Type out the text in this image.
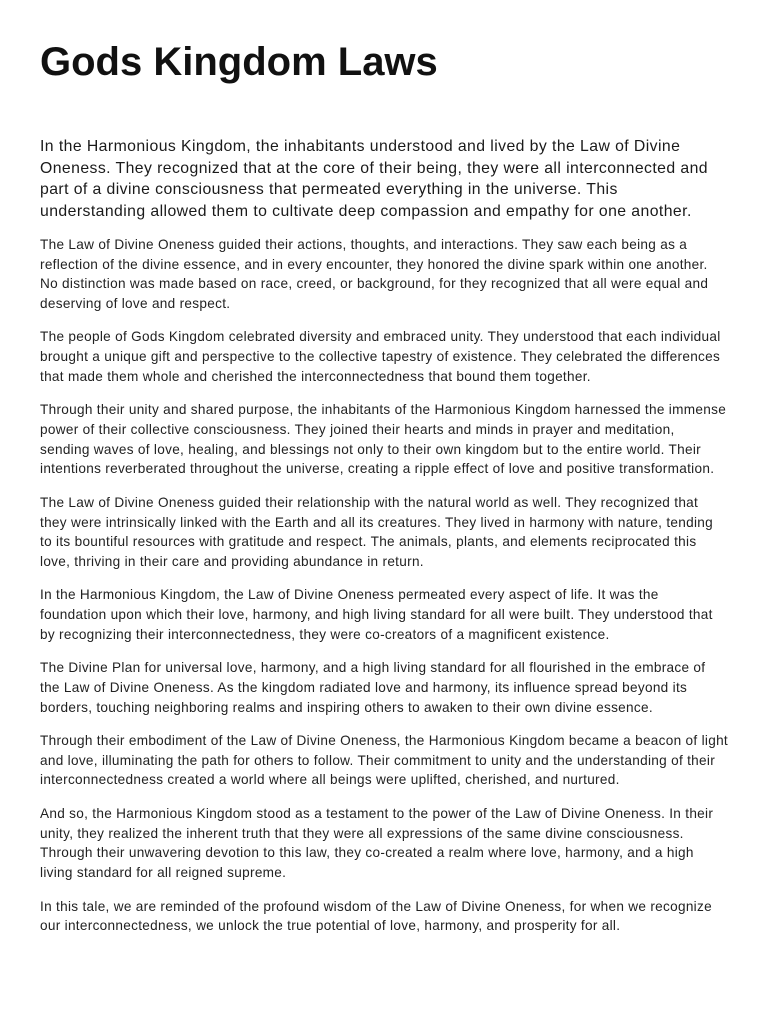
Gods Kingdom Laws

In the Harmonious Kingdom, the inhabitants understood and lived by the Law of Divine Oneness. They recognized that at the core of their being, they were all interconnected and part of a divine consciousness that permeated everything in the universe. This understanding allowed them to cultivate deep compassion and empathy for one another.

The Law of Divine Oneness guided their actions, thoughts, and interactions. They saw each being as a reflection of the divine essence, and in every encounter, they honored the divine spark within one another. No distinction was made based on race, creed, or background, for they recognized that all were equal and deserving of love and respect.

The people of Gods Kingdom celebrated diversity and embraced unity. They understood that each individual brought a unique gift and perspective to the collective tapestry of existence. They celebrated the differences that made them whole and cherished the interconnectedness that bound them together.

Through their unity and shared purpose, the inhabitants of the Harmonious Kingdom harnessed the immense power of their collective consciousness. They joined their hearts and minds in prayer and meditation, sending waves of love, healing, and blessings not only to their own kingdom but to the entire world. Their intentions reverberated throughout the universe, creating a ripple effect of love and positive transformation.

The Law of Divine Oneness guided their relationship with the natural world as well. They recognized that they were intrinsically linked with the Earth and all its creatures. They lived in harmony with nature, tending to its bountiful resources with gratitude and respect. The animals, plants, and elements reciprocated this love, thriving in their care and providing abundance in return.

In the Harmonious Kingdom, the Law of Divine Oneness permeated every aspect of life. It was the foundation upon which their love, harmony, and high living standard for all were built. They understood that by recognizing their interconnectedness, they were co-creators of a magnificent existence.

The Divine Plan for universal love, harmony, and a high living standard for all flourished in the embrace of the Law of Divine Oneness. As the kingdom radiated love and harmony, its influence spread beyond its borders, touching neighboring realms and inspiring others to awaken to their own divine essence.

Through their embodiment of the Law of Divine Oneness, the Harmonious Kingdom became a beacon of light and love, illuminating the path for others to follow. Their commitment to unity and the understanding of their interconnectedness created a world where all beings were uplifted, cherished, and nurtured.

And so, the Harmonious Kingdom stood as a testament to the power of the Law of Divine Oneness. In their unity, they realized the inherent truth that they were all expressions of the same divine consciousness. Through their unwavering devotion to this law, they co-created a realm where love, harmony, and a high living standard for all reigned supreme.

In this tale, we are reminded of the profound wisdom of the Law of Divine Oneness, for when we recognize our interconnectedness, we unlock the true potential of love, harmony, and prosperity for all.
